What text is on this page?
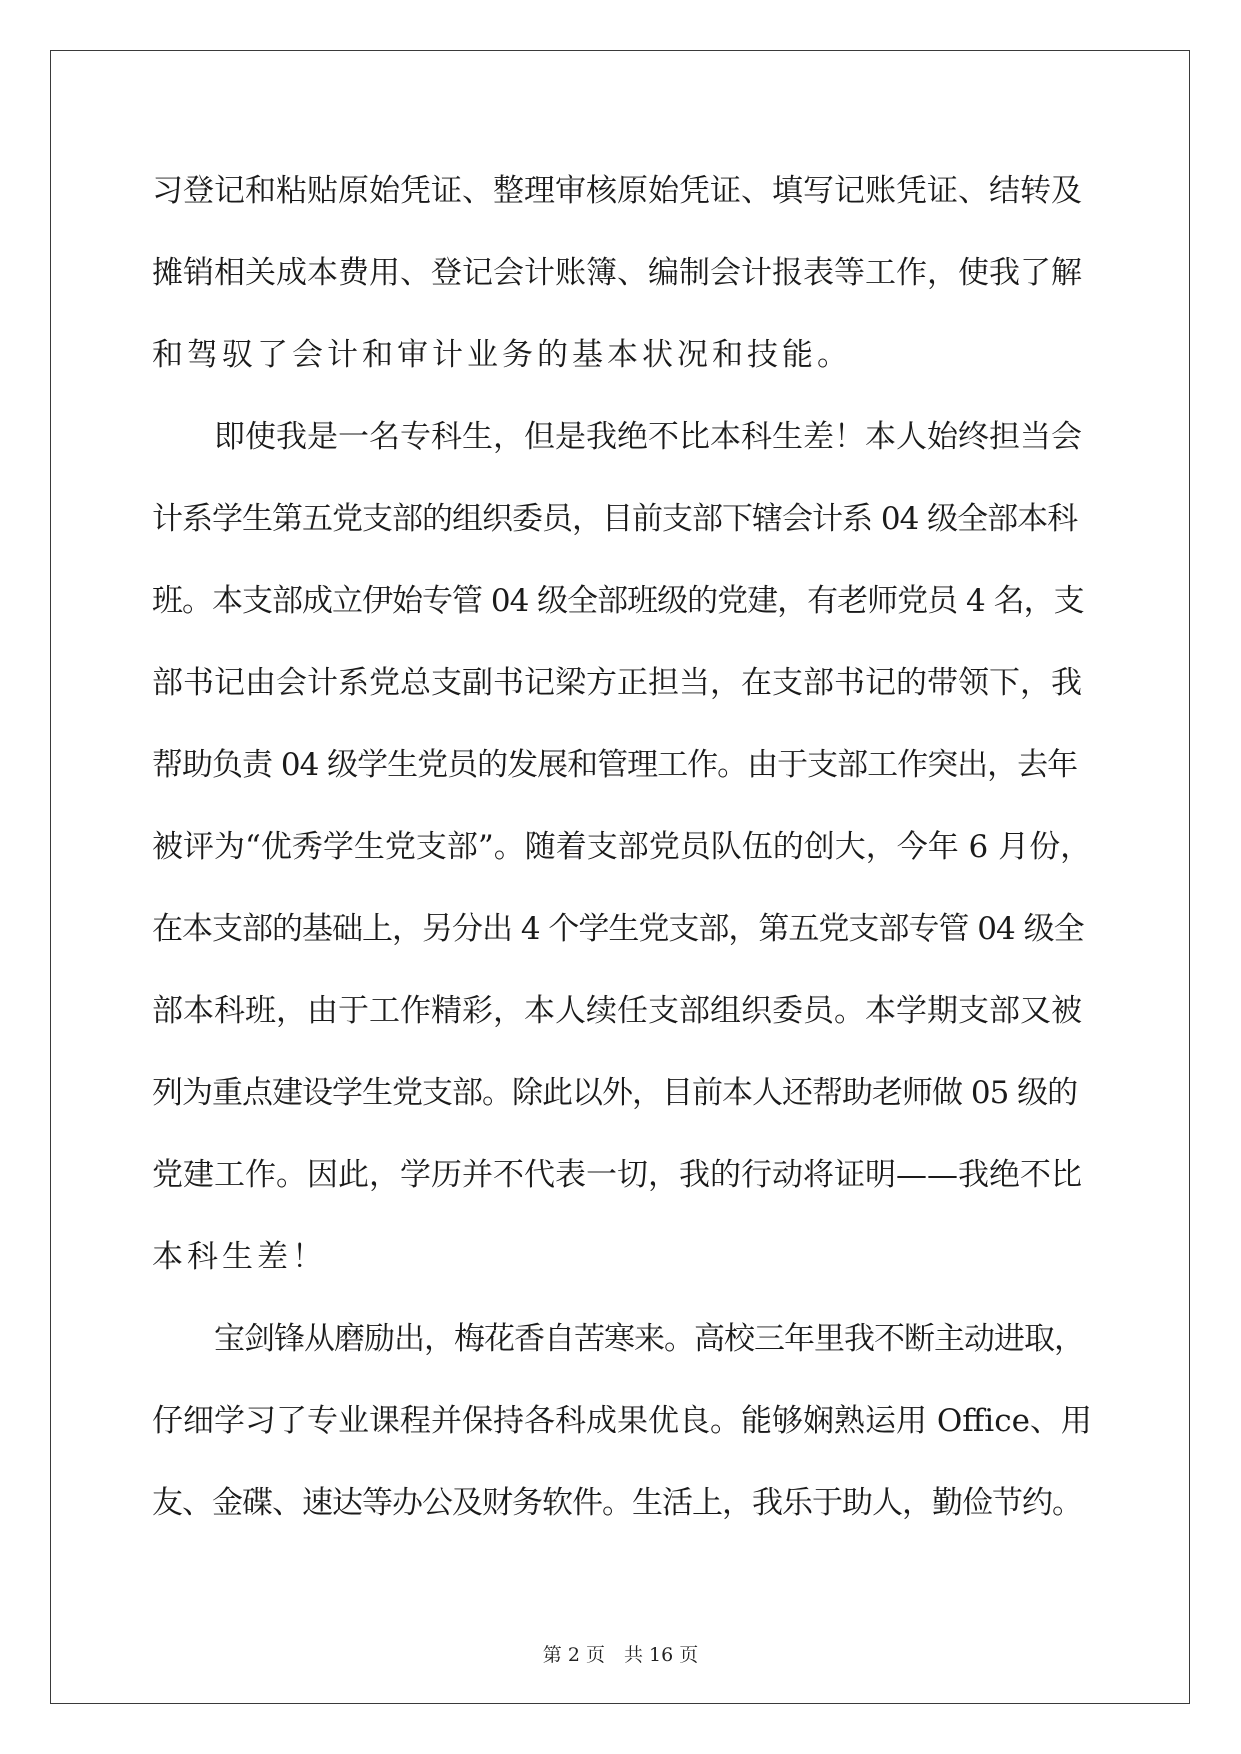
习登记和粘贴原始凭证、整理审核原始凭证、填写记账凭证、结转及
摊销相关成本费用、登记会计账簿、编制会计报表等工作，使我了解
和驾驭了会计和审计业务的基本状况和技能。
即使我是一名专科生，但是我绝不比本科生差！本人始终担当会
计系学生第五党支部的组织委员，目前支部下辖会计系 04 级全部本科
班。本支部成立伊始专管 04 级全部班级的党建，有老师党员 4 名，支
部书记由会计系党总支副书记梁方正担当，在支部书记的带领下，我
帮助负责 04 级学生党员的发展和管理工作。由于支部工作突出，去年
被评为“优秀学生党支部”。随着支部党员队伍的创大，今年 6 月份，
在本支部的基础上，另分出 4 个学生党支部，第五党支部专管 04 级全
部本科班，由于工作精彩，本人续任支部组织委员。本学期支部又被
列为重点建设学生党支部。除此以外，目前本人还帮助老师做 05 级的
党建工作。因此，学历并不代表一切，我的行动将证明——我绝不比
本科生差！
宝剑锋从磨励出，梅花香自苦寒来。高校三年里我不断主动进取，
仔细学习了专业课程并保持各科成果优良。能够娴熟运用 Office、用
友、金碟、速达等办公及财务软件。生活上，我乐于助人，勤俭节约。
第 2 页　共 16 页
